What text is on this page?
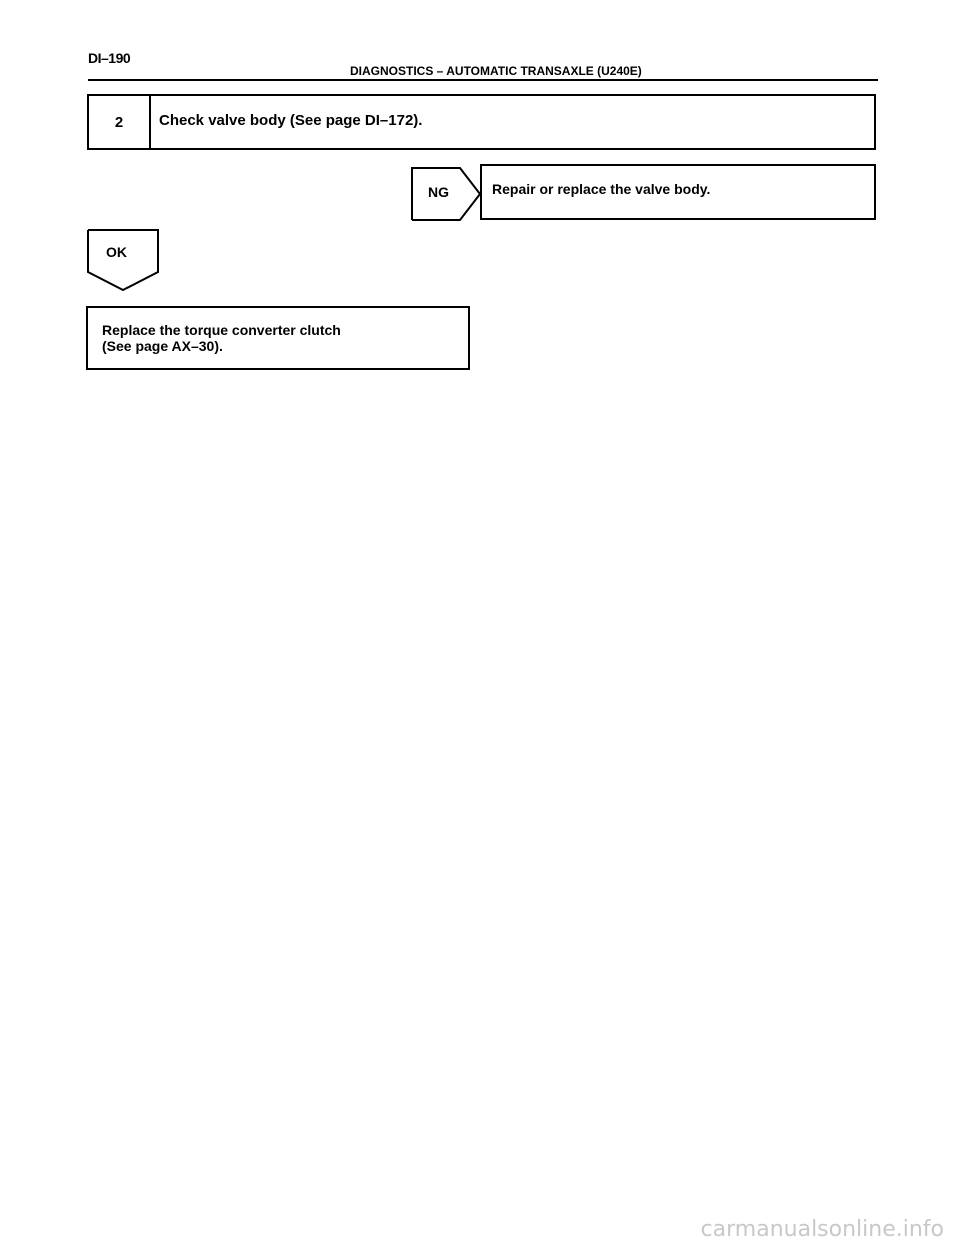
DI–190
DIAGNOSTICS – AUTOMATIC TRANSAXLE (U240E)
2	Check valve body (See page DI–172).
NG	Repair or replace the valve body.
OK
Replace the torque converter clutch
(See page AX–30).
carmanualsonline.info
